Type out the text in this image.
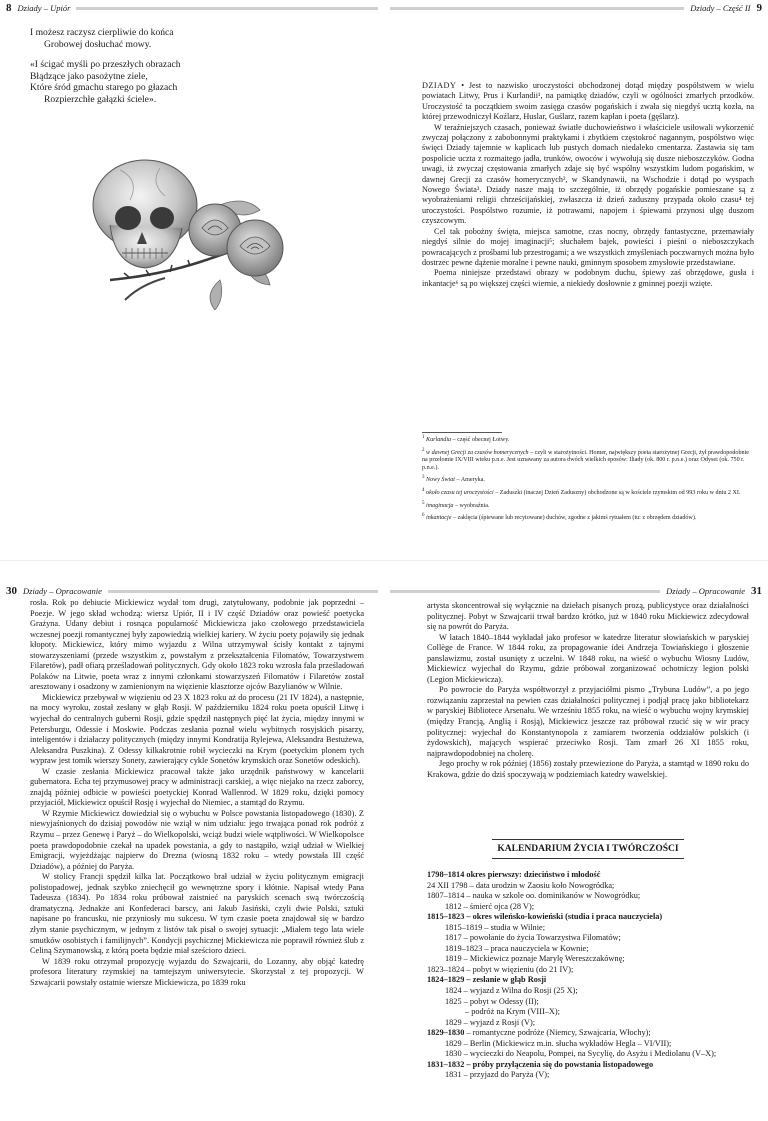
8 Dziady – Upiór
I możesz raczysz cierpliwie do końca
Grobowej dosłuchać mowy.
«I ścigać myśli po przeszłych obrazach
Błądzące jako pasożytne ziele,
Które śród gmachu starego po głazach
Rozpierzchłe gałązki ściele».
Dziady – Część II 9

DZIADY • Jest to nazwisko uroczystości obchodzonej dotąd między pospólstwem w wielu powiatach Litwy, Prus i Kurlandii¹, na pamiątkę dziadów, czyli w ogólności zmarłych przodków. Uroczystość ta początkiem swoim zasięga czasów pogańskich i zwała się niegdyś ucztą kozła, na której przewodniczył Koźlarz, Huslar, Guślarz, razem kapłan i poeta (gęślarz).

W teraźniejszych czasach, ponieważ światłe duchowieństwo i właściciele usiłowali wykorzenić zwyczaj połączony z zabobonnymi praktykami i zbytkiem częstokroć nagannym, pospólstwo więc święci Dziady tajemnie w kaplicach lub pustych domach niedaleko cmentarza. Zastawia się tam pospolicie uczta z rozmaitego jadła, trunków, owoców i wywołują się dusze nieboszczyków. Godna uwagi, iż zwyczaj częstowania zmarłych zdaje się być wspólny wszystkim ludom pogańskim, w dawnej Grecji za czasów homerycznych², w Skandynawii, na Wschodzie i dotąd po wyspach Nowego Świata³. Dziady nasze mają to szczególnie, iż obrzędy pogańskie pomieszane są z wyobrażeniami religii chrześcijańskiej, zwłaszcza iż dzień zaduszny przypada około czasu⁴ tej uroczystości. Pospólstwo rozumie, iż potrawami, napojem i śpiewami przynosi ulgę duszom czyszcowym.

Cel tak pobożny święta, miejsca samotne, czas nocny, obrzędy fantastyczne, przemawiały niegdyś silnie do mojej imaginacji⁵; słuchałem bajek, powieści i pieśni o nieboszczykach powracających z prośbami lub przestrogami; a we wszystkich zmyśleniach poczwarnych można było dostrzec pewne dążenie moralne i pewne nauki, gminnym sposobem zmysłowie przedstawiane.

Poema niniejsze przedstawi obrazy w podobnym duchu, śpiewy zaś obrzędowe, gusła i inkantacje⁶ są po większej części wiernie, a niekiedy dosłownie z gminnej poezji wzięte.

$^1$ Kurlandia – część obecnej Łotwy.
$^2$ w dawnej Grecji za czasów homerycznych – czyli w starożytności. Homer, największy poeta starożytnej Grecji, żył prawdopodobnie na przełomie IX/VIII wieku p.n.e. Jest uznawany za autora dwóch wielkich eposów: Iliady (ok. 800 r. p.n.e.) oraz Odysei (ok. 750 r. p.n.e.).
$^3$ Nowy Świat – Ameryka.
$^4$ około czasu tej uroczystości – Zaduszki (inaczej Dzień Zaduszny) obchodzone są w kościele rzymskim od 993 roku w dniu 2 XI.
$^5$ imaginacja – wyobraźnia.
$^6$ inkantacje – zaklęcia (śpiewane lub recytowane) duchów, zgodne z jakimś rytuałem (tu: z obrzędem dziadów).
30 Dziady – Opracowanie

rosła. Rok po debiucie Mickiewicz wydał tom drugi, zatytułowany, podobnie jak poprzedni – Poezje. W jego skład wchodzą: wiersz Upiór, II i IV część Dziadów oraz powieść poetycka Grażyna. Udany debiut i rosnąca popularność Mickiewicza jako czołowego przedstawiciela wczesnej poezji romantycznej były zapowiedzią wielkiej kariery. W życiu poety pojawiły się jednak kłopoty. Mickiewicz, który mimo wyjazdu z Wilna utrzymywał ścisły kontakt z tajnymi stowarzyszeniami (przede wszystkim z, powstałym z przekształcenia Filomatów, Towarzystwem Filaretów), padł ofiarą prześladowań politycznych. Gdy około 1823 roku wzrosła fala prześladowań Polaków na Litwie, poeta wraz z innymi członkami stowarzyszeń Filomatów i Filaretów został aresztowany i osadzony w zamienionym na więzienie klasztorze ojców Bazylianów w Wilnie.

Mickiewicz przebywał w więzieniu od 23 X 1823 roku aż do procesu (21 IV 1824), a następnie, na mocy wyroku, został zesłany w głąb Rosji. W październiku 1824 roku poeta opuścił Litwę i wyjechał do centralnych guberni Rosji, gdzie spędził następnych pięć lat życia, między innymi w Petersburgu, Odessie i Moskwie. Podczas zesłania poznał wielu wybitnych rosyjskich pisarzy, inteligentów i działaczy politycznych (między innymi Kondratija Rylejewa, Aleksandra Bestużewa, Aleksandra Puszkina). Z Odessy kilkakrotnie robił wycieczki na Krym (poetyckim plonem tych wypraw jest tomik wierszy Sonety, zawierający cykle Sonetów krymskich oraz Sonetów odeskich).

W czasie zesłania Mickiewicz pracował także jako urzędnik państwowy w kancelarii gubernatora. Echa tej przymusowej pracy w administracji carskiej, a więc niejako na rzecz zaborcy, znajdą później odbicie w powieści poetyckiej Konrad Wallenrod. W 1829 roku, dzięki pomocy przyjaciół, Mickiewicz opuścił Rosję i wyjechał do Niemiec, a stamtąd do Rzymu.

W Rzymie Mickiewicz dowiedział się o wybuchu w Polsce powstania listopadowego (1830). Z niewyjaśnionych do dzisiaj powodów nie wziął w nim udziału: jego trwająca ponad rok podróż z Rzymu – przez Genewę i Paryż – do Wielkopolski, wciąż budzi wiele wątpliwości. W Wielkopolsce poeta prawdopodobnie czekał na upadek powstania, a gdy to nastąpiło, wziął udział w Wielkiej Emigracji, wyjeżdżając najpierw do Drezna (wiosną 1832 roku – wtedy powstała III część Dziadów), a później do Paryża.

W stolicy Francji spędził kilka lat. Początkowo brał udział w życiu politycznym emigracji polistopadowej, jednak szybko zniechęcił go wewnętrzne spory i kłótnie. Napisał wtedy Pana Tadeusza (1834). Po 1834 roku próbował zaistnieć na paryskich scenach swą twórczością dramatyczną. Jednakże ani Konfederaci barscy, ani Jakub Jasiński, czyli dwie Polski, sztuki napisane po francusku, nie przyniosły mu sukcesu. W tym czasie poeta znajdował się w bardzo złym stanie psychicznym, w jednym z listów tak pisał o swojej sytuacji: „Miałem tego lata wiele smutków osobistych i familijnych”. Kondycji psychicznej Mickiewicza nie poprawił również ślub z Celiną Szymanowską, z którą poeta będzie miał sześcioro dzieci.

W 1839 roku otrzymał propozycję wyjazdu do Szwajcarii, do Lozanny, aby objąć katedrę profesora literatury rzymskiej na tamtejszym uniwersytecie. Skorzystał z tej propozycji. W Szwajcarii powstały ostatnie wiersze Mickiewicza, po 1839 roku

Dziady – Opracowanie 31

artysta skoncentrował się wyłącznie na dziełach pisanych prozą, publicystyce oraz działalności politycznej. Pobyt w Szwajcarii trwał bardzo krótko, już w 1840 roku Mickiewicz zdecydował się na powrót do Paryża.

W latach 1840–1844 wykładał jako profesor w katedrze literatur słowiańskich w paryskiej Collège de France. W 1844 roku, za propagowanie idei Andrzeja Towiańskiego i głoszenie panslawizmu, został usunięty z uczelni. W 1848 roku, na wieść o wybuchu Wiosny Ludów, Mickiewicz wyjechał do Rzymu, gdzie próbował zorganizować ochotniczy legion polski (Legion Mickiewicza).

Po powrocie do Paryża współtworzył z przyjaciółmi pismo „Trybuna Ludów”, a po jego rozwiązaniu zaprzestał na pewien czas działalności politycznej i podjął pracę jako bibliotekarz w paryskiej Bibliotece Arsenału. We wrześniu 1855 roku, na wieść o wybuchu wojny krymskiej (między Francją, Anglią i Rosją), Mickiewicz jeszcze raz próbował rzucić się w wir pracy politycznej: wyjechał do Konstantynopola z zamiarem tworzenia oddziałów polskich (i żydowskich), mających wspierać przeciwko Rosji. Tam zmarł 26 XI 1855 roku, najprawdopodobniej na cholerę.

Jego prochy w rok później (1856) zostały przewiezione do Paryża, a stamtąd w 1890 roku do Krakowa, gdzie do dziś spoczywają w podziemiach katedry wawelskiej.

KALENDARIUM ŻYCIA I TWÓRCZOŚCI
1798–1814 okres pierwszy: dzieciństwo i młodość
24 XII 1798 – data urodzin w Zaosiu koło Nowogródka;
1807–1814 – nauka w szkole oo. dominikanów w Nowogródku;
1812 – śmierć ojca (28 V);
1815–1823 – okres wileńsko-kowieński (studia i praca nauczyciela)
1815–1819 – studia w Wilnie;
1817 – powołanie do życia Towarzystwa Filomatów;
1819–1823 – praca nauczyciela w Kownie;
1819 – Mickiewicz poznaje Marylę Wereszczakównę;
1823–1824 – pobyt w więzieniu (do 21 IV);
1824–1829 – zesłanie w głąb Rosji
1824 – wyjazd z Wilna do Rosji (25 X);
1825 – pobyt w Odessy (II);
– podróż na Krym (VIII–X);
1829 – wyjazd z Rosji (V);
1829–1830 – romantyczne podróże (Niemcy, Szwajcaria, Włochy);
1829 – Berlin (Mickiewicz m.in. słucha wykładów Hegla – VI/VII);
1830 – wycieczki do Neapolu, Pompei, na Sycylię, do Asyżu i Mediolanu (V–X);
1831–1832 – próby przyłączenia się do powstania listopadowego
1831 – przyjazd do Paryża (V);
